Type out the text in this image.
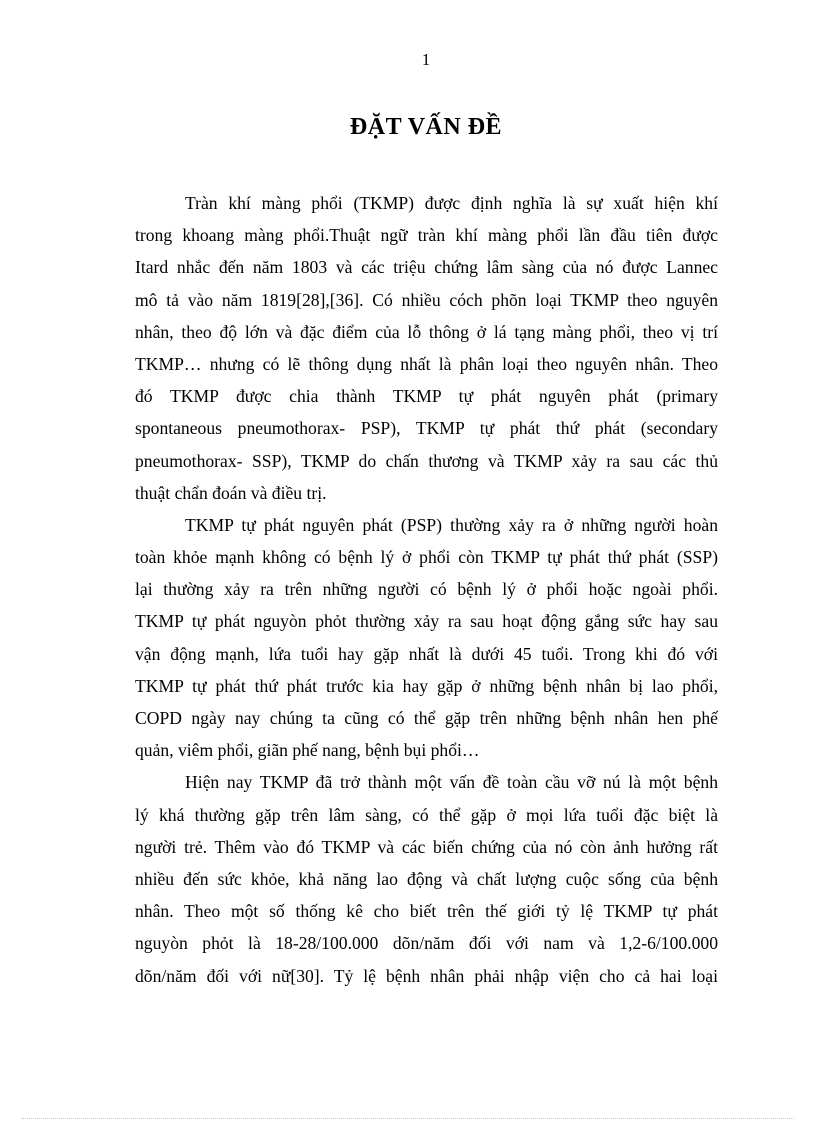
1
ĐẶT VẤN ĐỀ
Tràn khí màng phổi (TKMP) được định nghĩa là sự xuất hiện khí
trong khoang màng phổi.Thuật ngữ tràn khí màng phổi lần đầu tiên được
Itard nhắc đến năm 1803 và các triệu chứng lâm sàng của nó được Lannec
mô tả vào năm 1819[28],[36]. Có nhiều cóch phõn loại TKMP theo nguyên
nhân, theo độ lớn và đặc điểm của lỗ thông ở lá tạng màng phổi, theo vị trí
TKMP… nhưng có lẽ thông dụng nhất là phân loại theo nguyên nhân. Theo
đó TKMP được chia thành TKMP tự phát nguyên phát (primary
spontaneous pneumothorax- PSP), TKMP tự phát thứ phát (secondary
pneumothorax- SSP), TKMP do chấn thương và TKMP xảy ra sau các thủ
thuật chẩn đoán và điều trị.
TKMP tự phát nguyên phát (PSP) thường xảy ra ở những người hoàn
toàn khỏe mạnh không có bệnh lý ở phổi còn TKMP tự phát thứ phát (SSP)
lại thường xảy ra trên những người có bệnh lý ở phổi hoặc ngoài phổi.
TKMP tự phát nguyòn phỏt thường xảy ra sau hoạt động gắng sức hay sau
vận động mạnh, lứa tuổi hay gặp nhất là dưới 45 tuổi. Trong khi đó với
TKMP tự phát thứ phát trước kia hay gặp ở những bệnh nhân bị lao phổi,
COPD ngày nay chúng ta cũng có thể gặp trên những bệnh nhân hen phế
quản, viêm phổi, giãn phế nang, bệnh bụi phổi…
Hiện nay TKMP đã trở thành một vấn đề toàn cầu vỡ nú là một bệnh
lý khá thường gặp trên lâm sàng, có thể gặp ở mọi lứa tuổi đặc biệt là
người trẻ. Thêm vào đó TKMP và các biến chứng của nó còn ảnh hưởng rất
nhiều đến sức khỏe, khả năng lao động và chất lượng cuộc sống của bệnh
nhân. Theo một số thống kê cho biết trên thế giới tỷ lệ TKMP tự phát
nguyòn phỏt là 18-28/100.000 dõn/năm đối với nam và 1,2-6/100.000
dõn/năm đối với nữ[30]. Tỷ lệ bệnh nhân phải nhập viện cho cả hai loại
